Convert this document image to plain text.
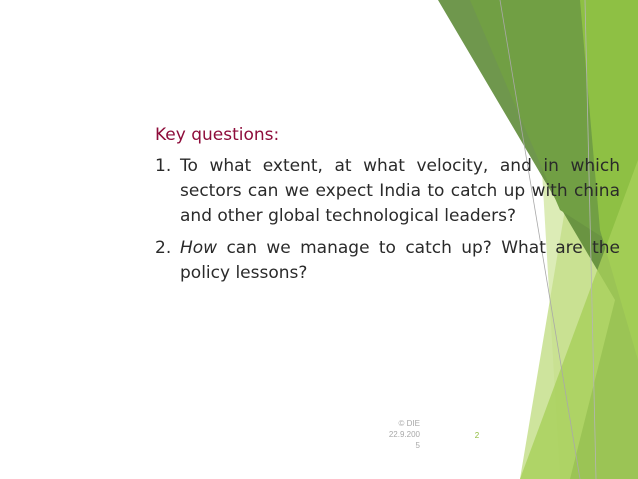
Key questions:
1. To what extent, at what velocity, and in which sectors can we expect India to catch up with china and other global technological leaders?
2. How can we manage to catch up? What are the policy lessons?
© DIE
22.9.200
5
2
